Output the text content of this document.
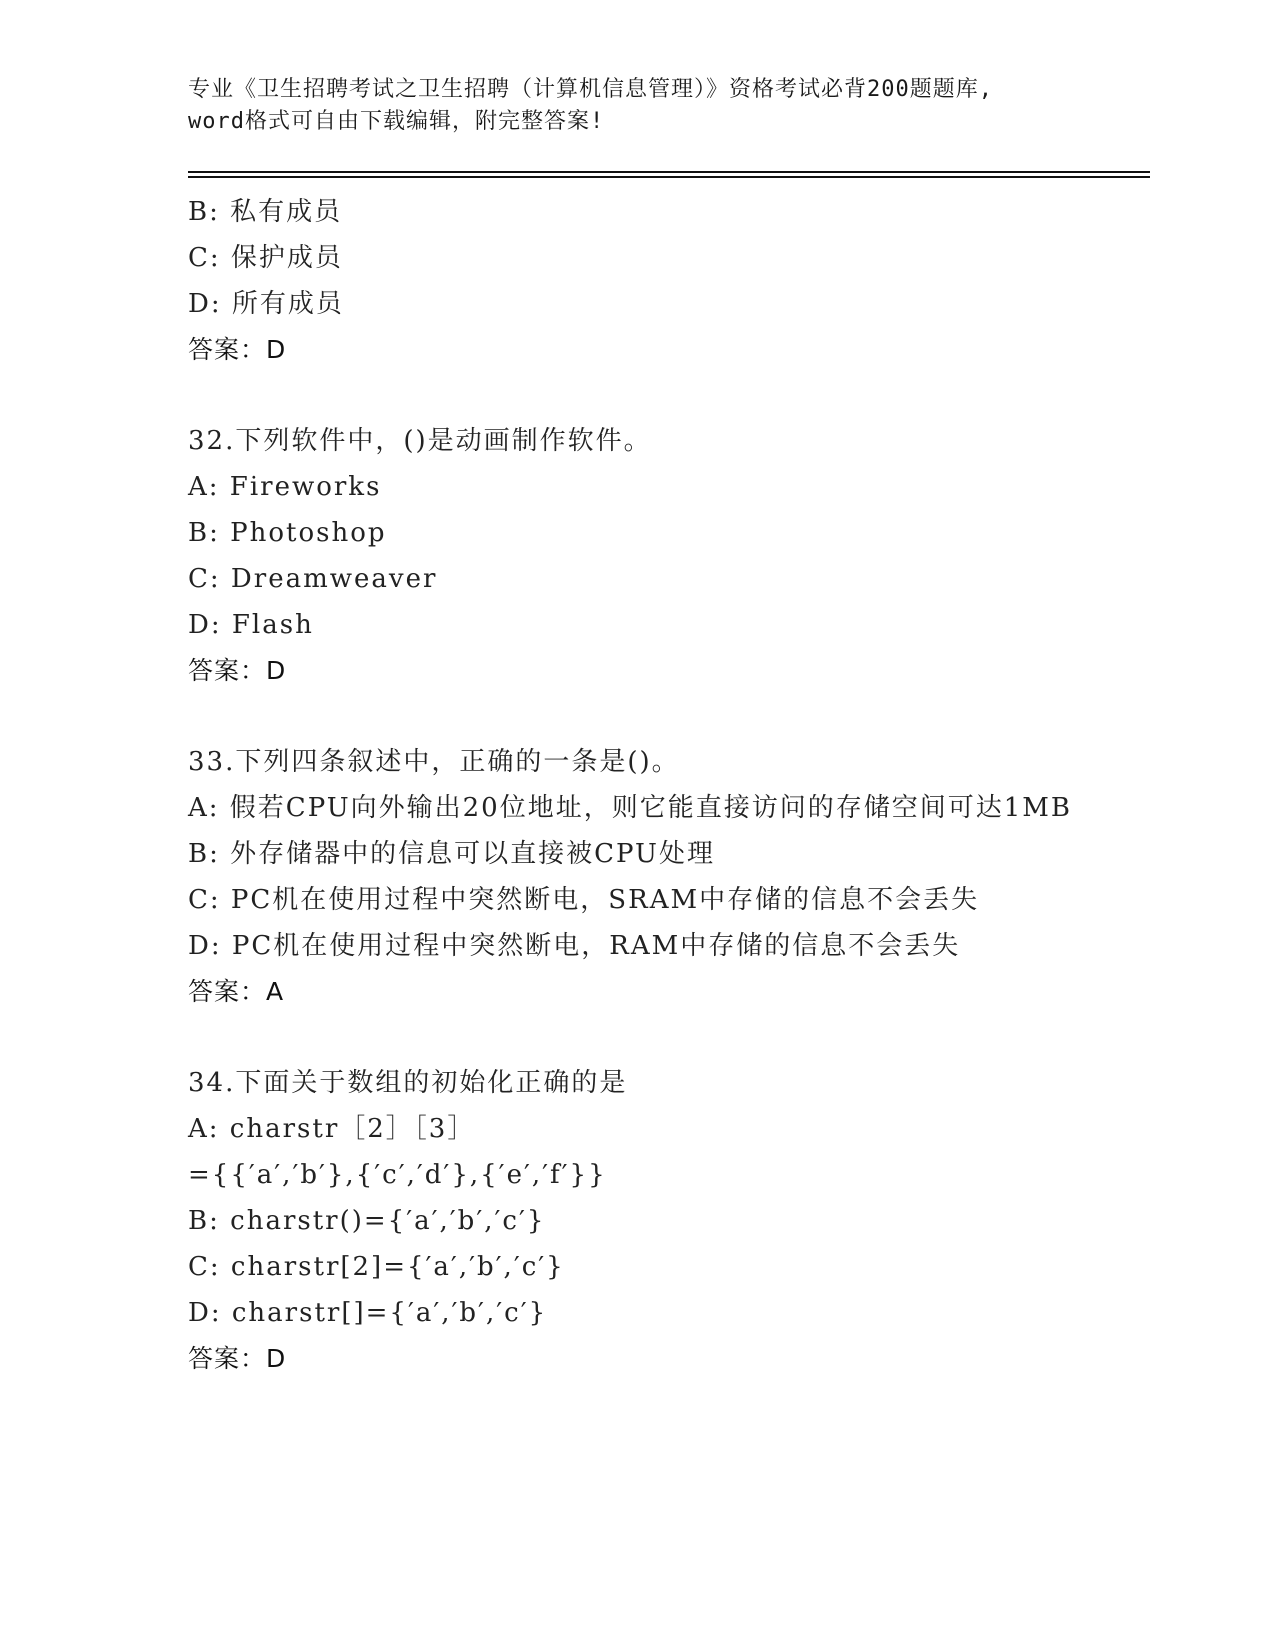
专业《卫生招聘考试之卫生招聘（计算机信息管理）》资格考试必背200题题库,
word格式可自由下载编辑，附完整答案!
B: 私有成员
C: 保护成员
D: 所有成员
答案：D
32.下列软件中，()是动画制作软件。
A: Fireworks
B: Photoshop
C: Dreamweaver
D: Flash
答案：D
33.下列四条叙述中，正确的一条是()。
A: 假若CPU向外输出20位地址，则它能直接访问的存储空间可达1MB
B: 外存储器中的信息可以直接被CPU处理
C: PC机在使用过程中突然断电，SRAM中存储的信息不会丢失
D: PC机在使用过程中突然断电，RAM中存储的信息不会丢失
答案：A
34.下面关于数组的初始化正确的是
A: charstr［2］［3］
={{′a′,′b′},{′c′,′d′},{′e′,′f′}}
B: charstr()={′a′,′b′,′c′}
C: charstr[2]={′a′,′b′,′c′}
D: charstr[]={′a′,′b′,′c′}
答案：D
